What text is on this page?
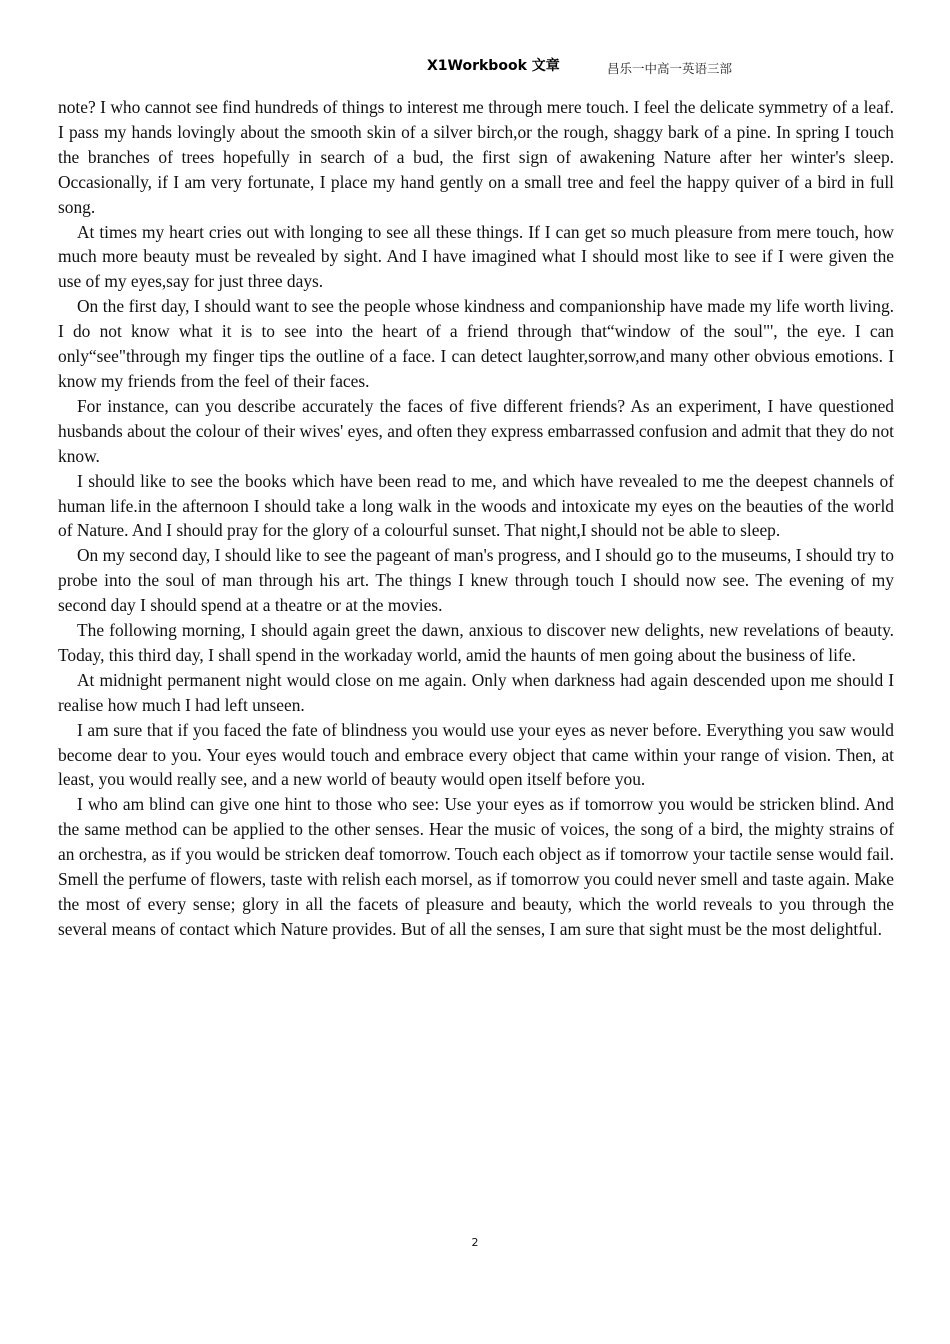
X1Workbook 文章	昌乐一中高一英语三部

note? I who cannot see find hundreds of things to interest me through mere touch. I feel the delicate symmetry of a leaf. I pass my hands lovingly about the smooth skin of a silver birch,or the rough, shaggy bark of a pine. In spring I touch the branches of trees hopefully in search of a bud, the first sign of awakening Nature after her winter's sleep. Occasionally, if I am very fortunate, I place my hand gently on a small tree and feel the happy quiver of a bird in full song.

At times my heart cries out with longing to see all these things. If I can get so much pleasure from mere touch, how much more beauty must be revealed by sight. And I have imagined what I should most like to see if I were given the use of my eyes,say for just three days.

On the first day, I should want to see the people whose kindness and companionship have made my life worth living. I do not know what it is to see into the heart of a friend through that“window of the soul"', the eye. I can only“see"through my finger tips the outline of a face. I can detect laughter,sorrow,and many other obvious emotions. I know my friends from the feel of their faces.

For instance, can you describe accurately the faces of five different friends? As an experiment, I have questioned husbands about the colour of their wives' eyes, and often they express embarrassed confusion and admit that they do not know.

I should like to see the books which have been read to me, and which have revealed to me the deepest channels of human life.in the afternoon I should take a long walk in the woods and intoxicate my eyes on the beauties of the world of Nature. And I should pray for the glory of a colourful sunset. That night,I should not be able to sleep.

On my second day, I should like to see the pageant of man's progress, and I should go to the museums, I should try to probe into the soul of man through his art. The things I knew through touch I should now see. The evening of my second day I should spend at a theatre or at the movies.

The following morning, I should again greet the dawn, anxious to discover new delights, new revelations of beauty. Today, this third day, I shall spend in the workaday world, amid the haunts of men going about the business of life.

At midnight permanent night would close on me again. Only when darkness had again descended upon me should I realise how much I had left unseen.

I am sure that if you faced the fate of blindness you would use your eyes as never before. Everything you saw would become dear to you. Your eyes would touch and embrace every object that came within your range of vision. Then, at least, you would really see, and a new world of beauty would open itself before you.

I who am blind can give one hint to those who see: Use your eyes as if tomorrow you would be stricken blind. And the same method can be applied to the other senses. Hear the music of voices, the song of a bird, the mighty strains of an orchestra, as if you would be stricken deaf tomorrow. Touch each object as if tomorrow your tactile sense would fail. Smell the perfume of flowers, taste with relish each morsel, as if tomorrow you could never smell and taste again. Make the most of every sense; glory in all the facets of pleasure and beauty, which the world reveals to you through the several means of contact which Nature provides. But of all the senses, I am sure that sight must be the most delightful.

2
